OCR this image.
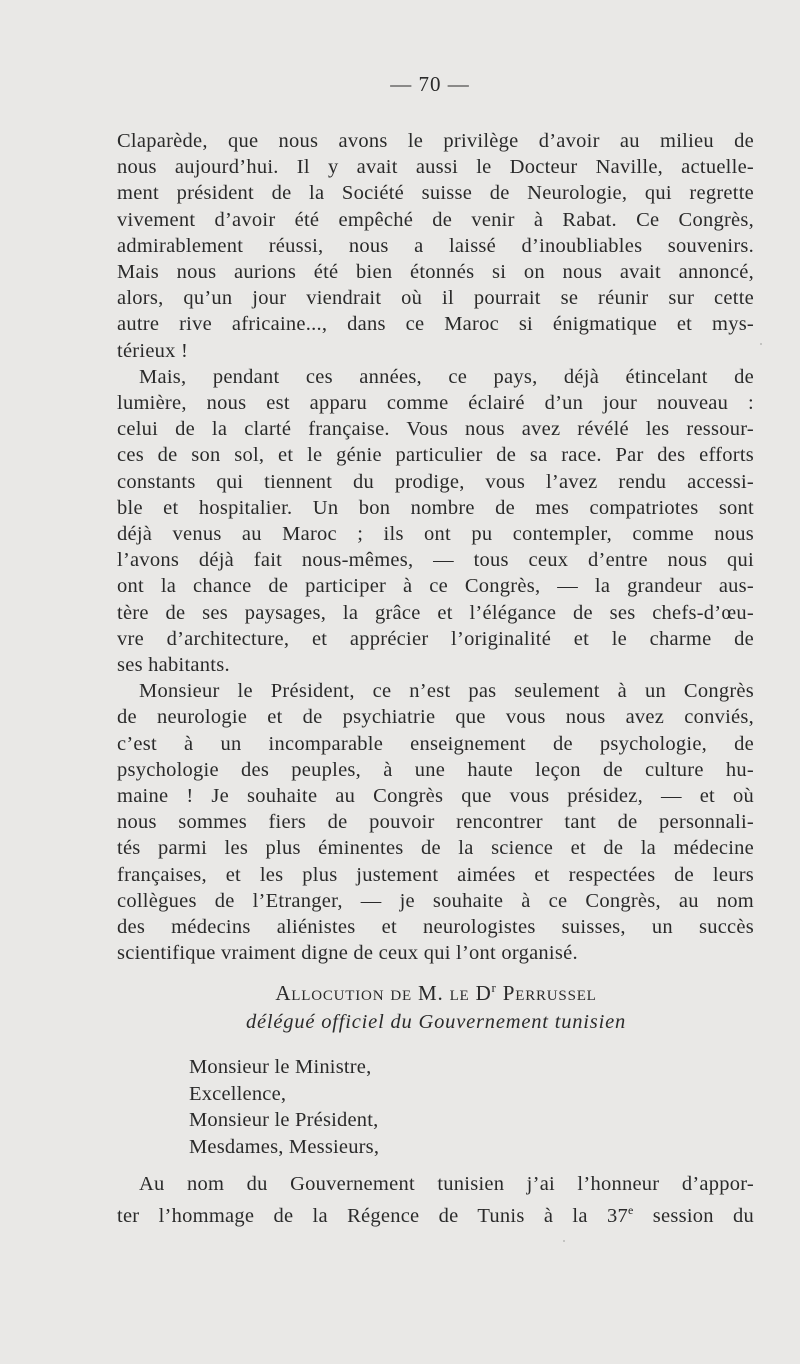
— 70 —
Claparède, que nous avons le privilège d’avoir au milieu de
nous aujourd’hui. Il y avait aussi le Docteur Naville, actuelle-
ment président de la Société suisse de Neurologie, qui regrette
vivement d’avoir été empêché de venir à Rabat. Ce Congrès,
admirablement réussi, nous a laissé d’inoubliables souvenirs.
Mais nous aurions été bien étonnés si on nous avait annoncé,
alors, qu’un jour viendrait où il pourrait se réunir sur cette
autre rive africaine..., dans ce Maroc si énigmatique et mys-
térieux !
Mais, pendant ces années, ce pays, déjà étincelant de
lumière, nous est apparu comme éclairé d’un jour nouveau :
celui de la clarté française. Vous nous avez révélé les ressour-
ces de son sol, et le génie particulier de sa race. Par des efforts
constants qui tiennent du prodige, vous l’avez rendu accessi-
ble et hospitalier. Un bon nombre de mes compatriotes sont
déjà venus au Maroc ; ils ont pu contempler, comme nous
l’avons déjà fait nous-mêmes, — tous ceux d’entre nous qui
ont la chance de participer à ce Congrès, — la grandeur aus-
tère de ses paysages, la grâce et l’élégance de ses chefs-d’œu-
vre d’architecture, et apprécier l’originalité et le charme de
ses habitants.
Monsieur le Président, ce n’est pas seulement à un Congrès
de neurologie et de psychiatrie que vous nous avez conviés,
c’est à un incomparable enseignement de psychologie, de
psychologie des peuples, à une haute leçon de culture hu-
maine ! Je souhaite au Congrès que vous présidez, — et où
nous sommes fiers de pouvoir rencontrer tant de personnali-
tés parmi les plus éminentes de la science et de la médecine
françaises, et les plus justement aimées et respectées de leurs
collègues de l’Etranger, — je souhaite à ce Congrès, au nom
des médecins aliénistes et neurologistes suisses, un succès
scientifique vraiment digne de ceux qui l’ont organisé.
Allocution de M. le $D^r$ Perrussel
délégué officiel du Gouvernement tunisien
Monsieur le Ministre,
Excellence,
Monsieur le Président,
Mesdames, Messieurs,
Au nom du Gouvernement tunisien j’ai l’honneur d’appor-
ter l’hommage de la Régence de Tunis à la 37e session du
